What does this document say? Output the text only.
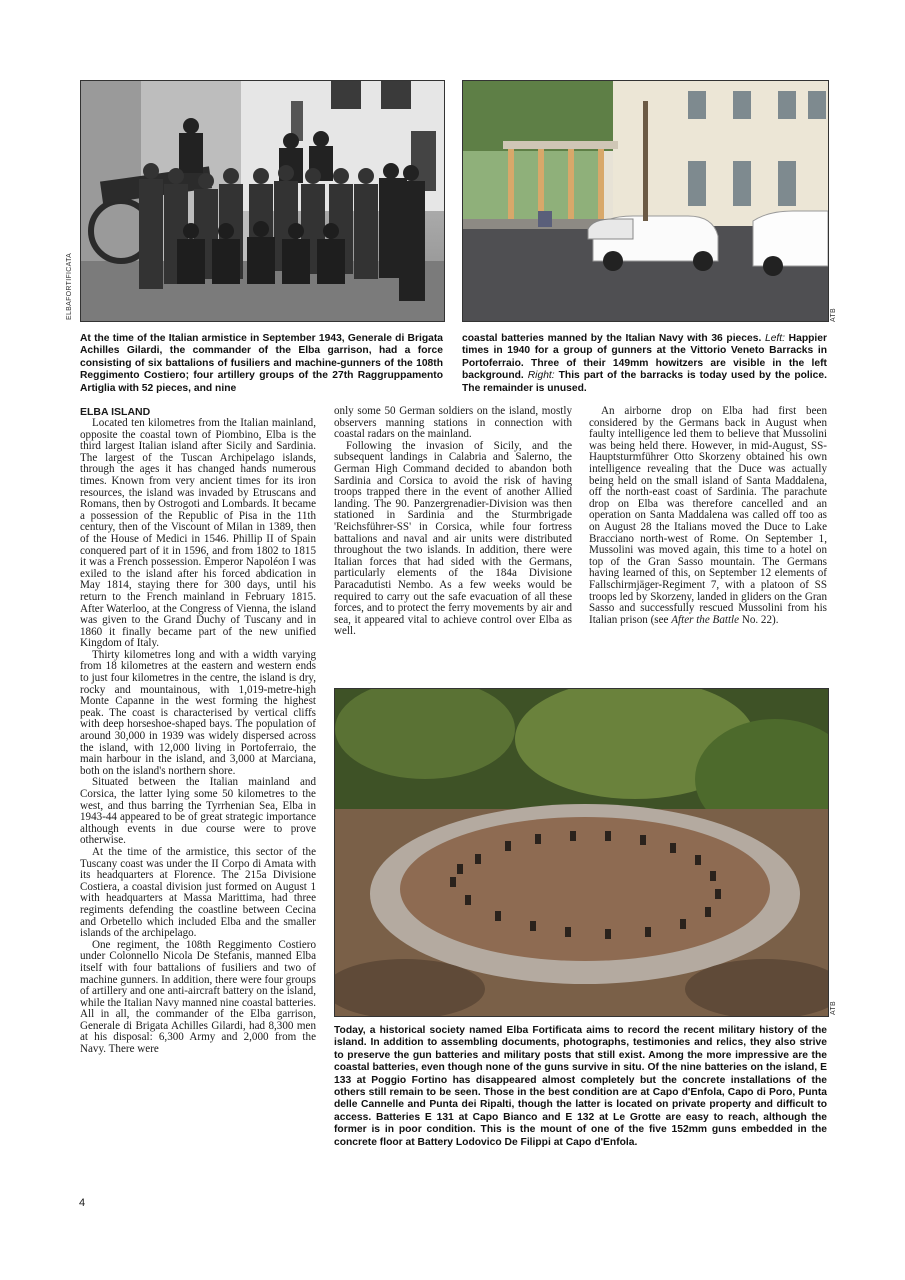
ELBAFORTIFICATA	ATB

At the time of the Italian armistice in September 1943, Generale di Brigata Achilles Gilardi, the commander of the Elba garrison, had a force consisting of six battalions of fusiliers and machine-gunners of the 108th Reggimento Costiero; four artillery groups of the 27th Raggruppamento Artiglia with 52 pieces, and nine

coastal batteries manned by the Italian Navy with 36 pieces. Left: Happier times in 1940 for a group of gunners at the Vittorio Veneto Barracks in Portoferraio. Three of their 149mm howitzers are visible in the left background. Right: This part of the barracks is today used by the police. The remainder is unused.

ELBA ISLAND

Located ten kilometres from the Italian mainland, opposite the coastal town of Piombino, Elba is the third largest Italian island after Sicily and Sardinia. The largest of the Tuscan Archipelago islands, through the ages it has changed hands numerous times. Known from very ancient times for its iron resources, the island was invaded by Etruscans and Romans, then by Ostrogoti and Lombards. It became a possession of the Republic of Pisa in the 11th century, then of the Viscount of Milan in 1389, then of the House of Medici in 1546. Phillip II of Spain conquered part of it in 1596, and from 1802 to 1815 it was a French possession. Emperor Napoléon I was exiled to the island after his forced abdication in May 1814, staying there for 300 days, until his return to the French mainland in February 1815. After Waterloo, at the Congress of Vienna, the island was given to the Grand Duchy of Tuscany and in 1860 it finally became part of the new unified Kingdom of Italy.

Thirty kilometres long and with a width varying from 18 kilometres at the eastern and western ends to just four kilometres in the centre, the island is dry, rocky and mountainous, with 1,019-metre-high Monte Capanne in the west forming the highest peak. The coast is characterised by vertical cliffs with deep horseshoe-shaped bays. The population of around 30,000 in 1939 was widely dispersed across the island, with 12,000 living in Portoferraio, the main harbour in the island, and 3,000 at Marciana, both on the island's northern shore.

Situated between the Italian mainland and Corsica, the latter lying some 50 kilometres to the west, and thus barring the Tyrrhenian Sea, Elba in 1943-44 appeared to be of great strategic importance although events in due course were to prove otherwise.

At the time of the armistice, this sector of the Tuscany coast was under the II Corpo di Amata with its headquarters at Florence. The 215a Divisione Costiera, a coastal division just formed on August 1 with headquarters at Massa Marittima, had three regiments defending the coastline between Cecina and Orbetello which included Elba and the smaller islands of the archipelago.

One regiment, the 108th Reggimento Costiero under Colonnello Nicola De Stefanis, manned Elba itself with four battalions of fusiliers and two of machine gunners. In addition, there were four groups of artillery and one anti-aircraft battery on the island, while the Italian Navy manned nine coastal batteries. All in all, the commander of the Elba garrison, Generale di Brigata Achilles Gilardi, had 8,300 men at his disposal: 6,300 Army and 2,000 from the Navy. There were

only some 50 German soldiers on the island, mostly observers manning stations in connection with coastal radars on the mainland.

Following the invasion of Sicily, and the subsequent landings in Calabria and Salerno, the German High Command decided to abandon both Sardinia and Corsica to avoid the risk of having troops trapped there in the event of another Allied landing. The 90. Panzergrenadier-Division was then stationed in Sardinia and the Sturmbrigade 'Reichsführer-SS' in Corsica, while four fortress battalions and naval and air units were distributed throughout the two islands. In addition, there were Italian forces that had sided with the Germans, particularly elements of the 184a Divisione Paracadutisti Nembo. As a few weeks would be required to carry out the safe evacuation of all these forces, and to protect the ferry movements by air and sea, it appeared vital to achieve control over Elba as well.

An airborne drop on Elba had first been considered by the Germans back in August when faulty intelligence led them to believe that Mussolini was being held there. However, in mid-August, SS-Hauptsturmführer Otto Skorzeny obtained his own intelligence revealing that the Duce was actually being held on the small island of Santa Maddalena, off the north-east coast of Sardinia. The parachute drop on Elba was therefore cancelled and an operation on Santa Maddalena was called off too as on August 28 the Italians moved the Duce to Lake Bracciano north-west of Rome. On September 1, Mussolini was moved again, this time to a hotel on top of the Gran Sasso mountain. The Germans having learned of this, on September 12 elements of Fallschirmjäger-Regiment 7, with a platoon of SS troops led by Skorzeny, landed in gliders on the Gran Sasso and successfully rescued Mussolini from his Italian prison (see After the Battle No. 22).

ATB

Today, a historical society named Elba Fortificata aims to record the recent military history of the island. In addition to assembling documents, photographs, testimonies and relics, they also strive to preserve the gun batteries and military posts that still exist. Among the more impressive are the coastal batteries, even though none of the guns survive in situ. Of the nine batteries on the island, E 133 at Poggio Fortino has disappeared almost completely but the concrete installations of the others still remain to be seen. Those in the best condition are at Capo d'Enfola, Capo di Poro, Punta delle Cannelle and Punta dei Ripalti, though the latter is located on private property and difficult to access. Batteries E 131 at Capo Bianco and E 132 at Le Grotte are easy to reach, although the former is in poor condition. This is the mount of one of the five 152mm guns embedded in the concrete floor at Battery Lodovico De Filippi at Capo d'Enfola.

4
